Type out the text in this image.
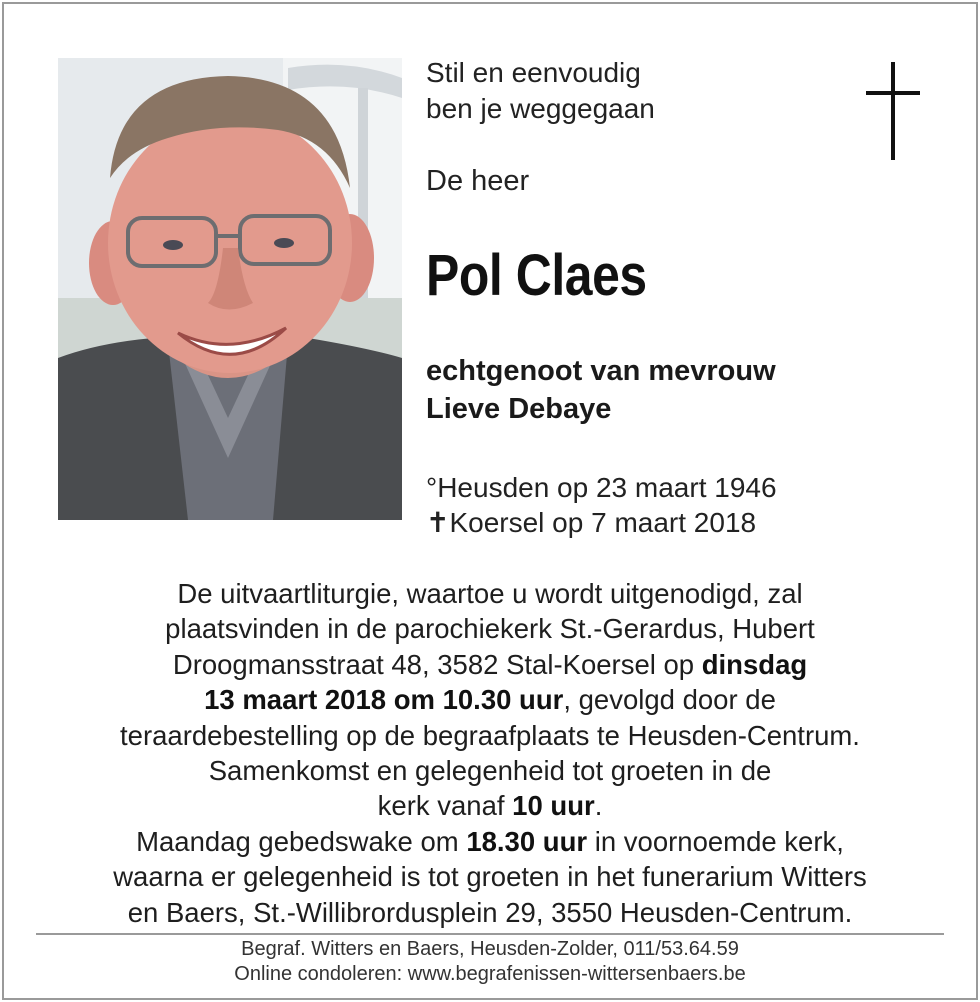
Stil en eenvoudig
ben je weggegaan
De heer
Pol Claes
echtgenoot van mevrouw
Lieve Debaye
°Heusden op 23 maart 1946
✝Koersel op 7 maart 2018
De uitvaartliturgie, waartoe u wordt uitgenodigd, zal
plaatsvinden in de parochiekerk St.-Gerardus, Hubert
Droogmansstraat 48, 3582 Stal-Koersel op dinsdag
13 maart 2018 om 10.30 uur, gevolgd door de
teraardebestelling op de begraafplaats te Heusden-Centrum.
Samenkomst en gelegenheid tot groeten in de
kerk vanaf 10 uur.
Maandag gebedswake om 18.30 uur in voornoemde kerk,
waarna er gelegenheid is tot groeten in het funerarium Witters
en Baers, St.-Willibrordusplein 29, 3550 Heusden-Centrum.
Begraf. Witters en Baers, Heusden-Zolder, 011/53.64.59
Online condoleren: www.begrafenissen-wittersenbaers.be
